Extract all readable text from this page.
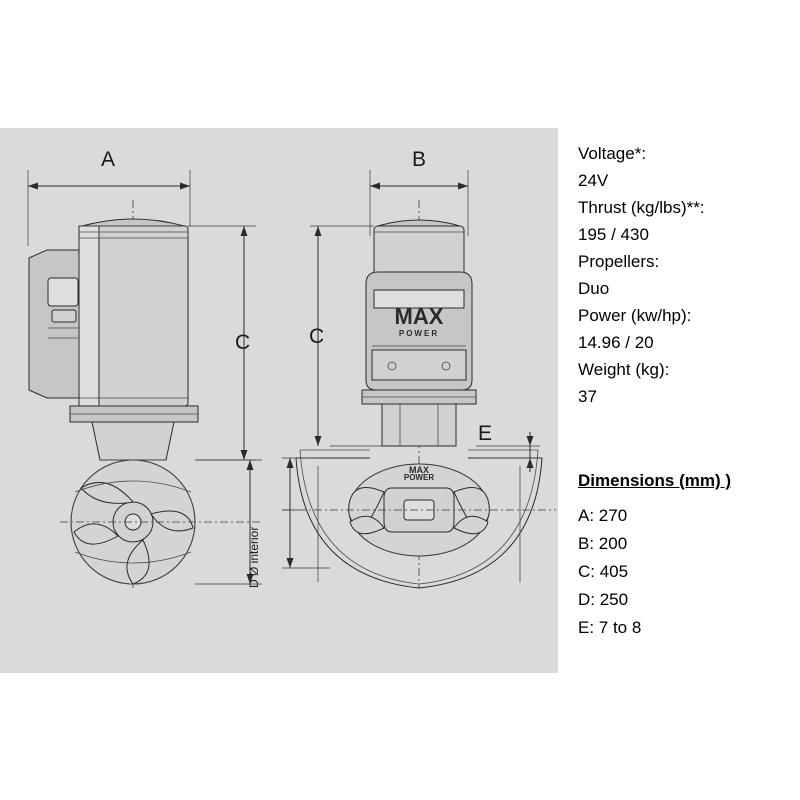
MAX
POWER
POWER
MAX
A	B
C	C
E
D Ø interior
Voltage*:
24V
Thrust (kg/lbs)**:
195 / 430
Propellers:
Duo
Power (kw/hp):
14.96 / 20
Weight (kg):
37
Dimensions (mm) )
A: 270
B: 200
C: 405
D: 250
E: 7 to 8
